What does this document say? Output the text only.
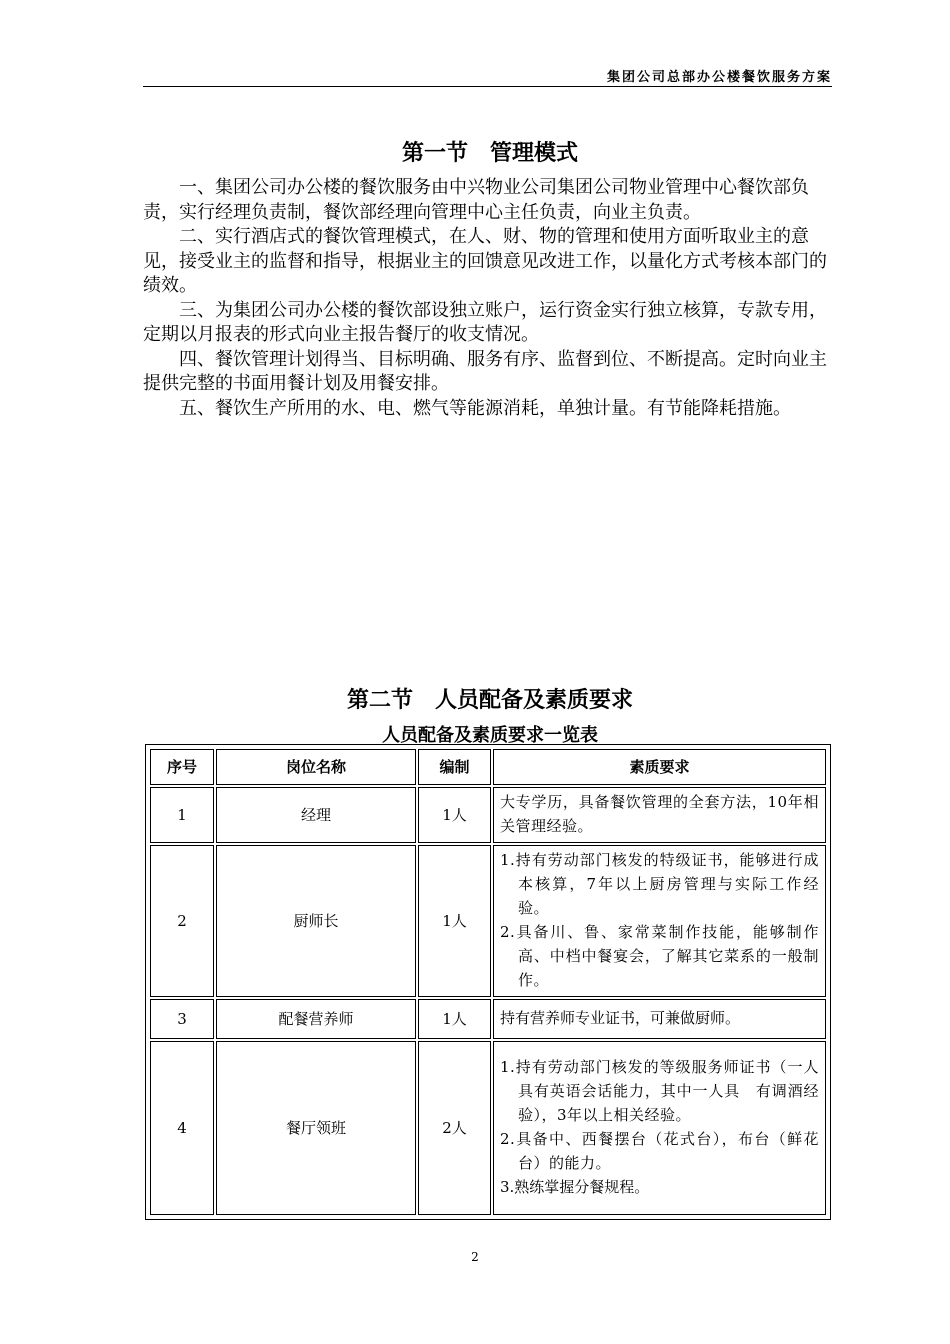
集团公司总部办公楼餐饮服务方案
第一节　管理模式

一、集团公司办公楼的餐饮服务由中兴物业公司集团公司物业管理中心餐饮部负责，实行经理负责制，餐饮部经理向管理中心主任负责，向业主负责。

二、实行酒店式的餐饮管理模式，在人、财、物的管理和使用方面听取业主的意见，接受业主的监督和指导，根据业主的回馈意见改进工作，以量化方式考核本部门的绩效。

三、为集团公司办公楼的餐饮部设独立账户，运行资金实行独立核算，专款专用，定期以月报表的形式向业主报告餐厅的收支情况。

四、餐饮管理计划得当、目标明确、服务有序、监督到位、不断提高。定时向业主提供完整的书面用餐计划及用餐安排。

五、餐饮生产所用的水、电、燃气等能源消耗，单独计量。有节能降耗措施。

第二节　人员配备及素质要求
人员配备及素质要求一览表
序号	岗位名称	编制	素质要求
1	经理	1人	大专学历，具备餐饮管理的全套方法，10年相关管理经验。

2	厨师长	1人	1.持有劳动部门核发的特级证书，能够进行成本核算，7年以上厨房管理与实际工作经验。
2.具备川、鲁、家常菜制作技能，能够制作高、中档中餐宴会，了解其它菜系的一般制作。

3	配餐营养师	1人	持有营养师专业证书，可兼做厨师。

4	餐厅领班	2人	1.持有劳动部门核发的等级服务师证书（一人具有英语会话能力，其中一人具　有调酒经验），3年以上相关经验。
2.具备中、西餐摆台（花式台），布台（鲜花台）的能力。
3.熟练掌握分餐规程。
2
